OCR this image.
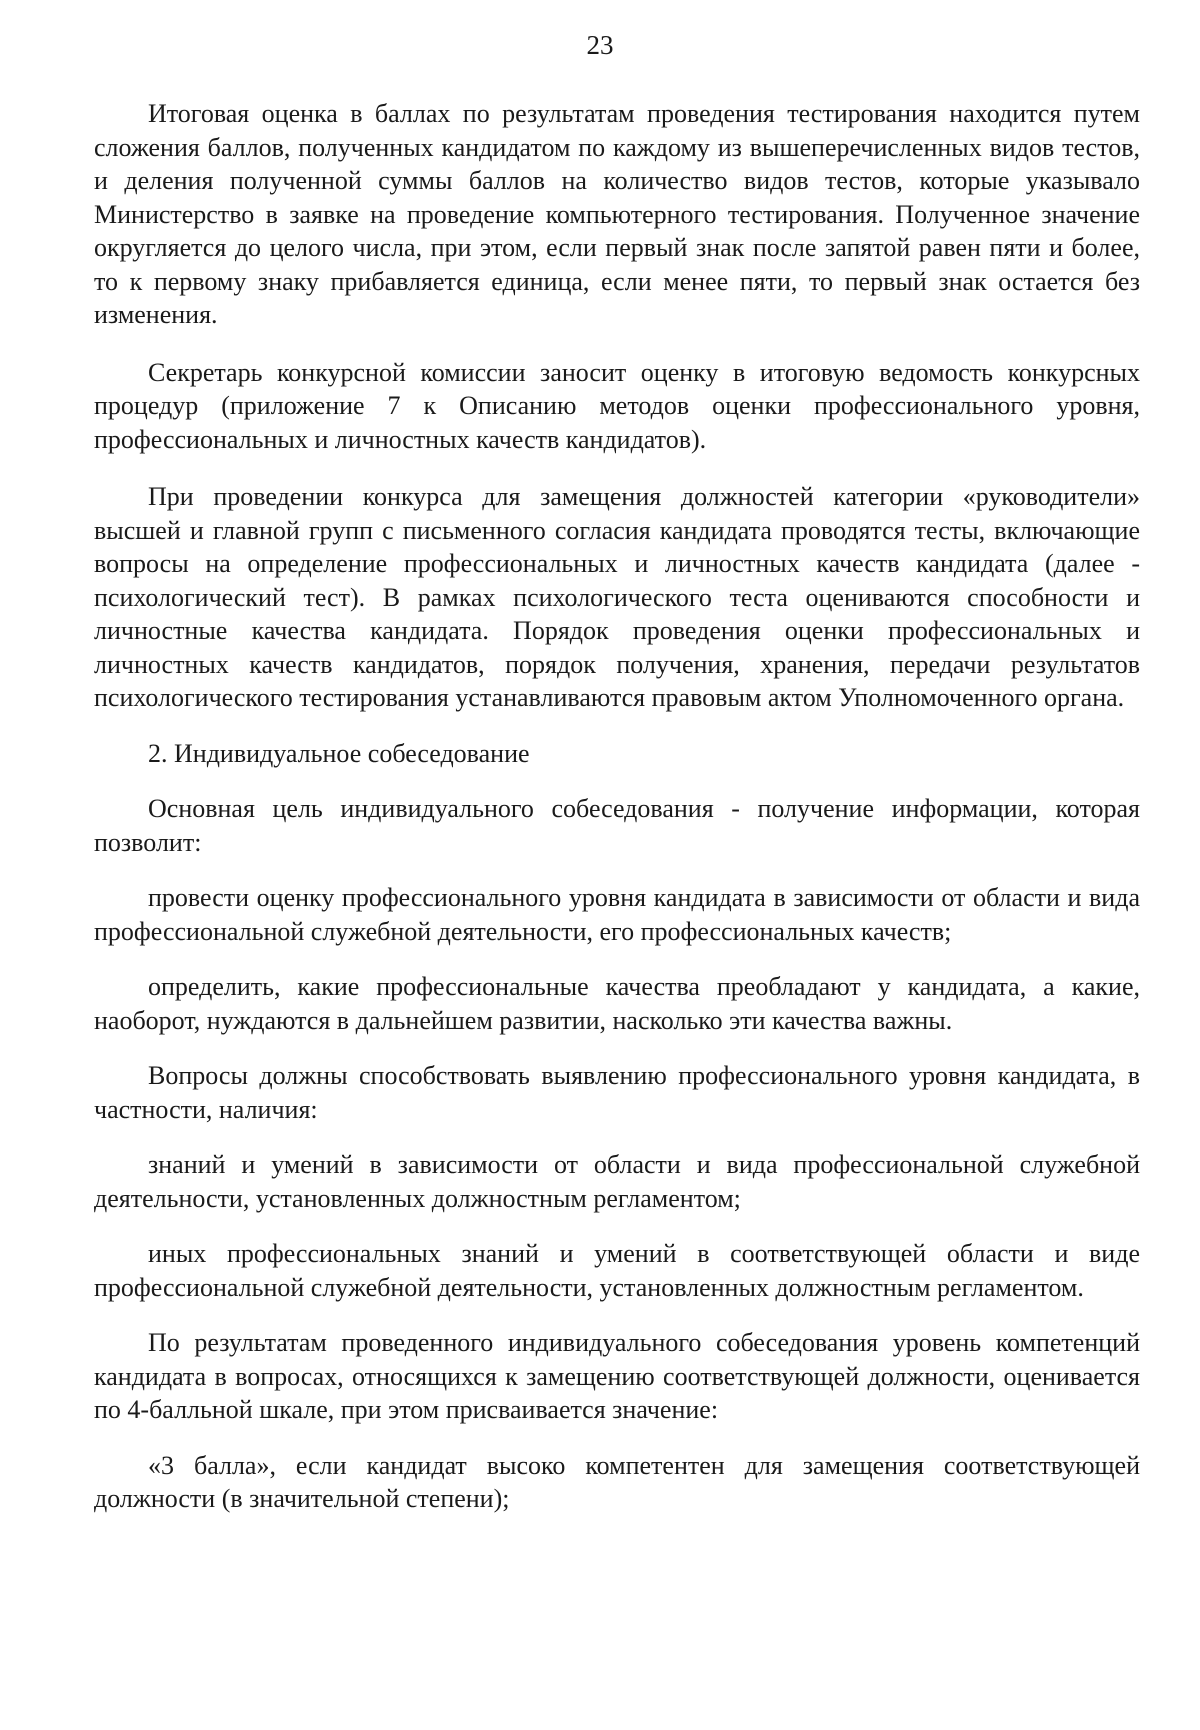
23

Итоговая оценка в баллах по результатам проведения тестирования находится путем сложения баллов, полученных кандидатом по каждому из вышеперечисленных видов тестов, и деления полученной суммы баллов на количество видов тестов, которые указывало Министерство в заявке на проведение компьютерного тестирования. Полученное значение округляется до целого числа, при этом, если первый знак после запятой равен пяти и более, то к первому знаку прибавляется единица, если менее пяти, то первый знак остается без изменения.

Секретарь конкурсной комиссии заносит оценку в итоговую ведомость конкурсных процедур (приложение 7 к Описанию методов оценки профессионального уровня, профессиональных и личностных качеств кандидатов).

При проведении конкурса для замещения должностей категории «руководители» высшей и главной групп с письменного согласия кандидата проводятся тесты, включающие вопросы на определение профессиональных и личностных качеств кандидата (далее - психологический тест). В рамках психологического теста оцениваются способности и личностные качества кандидата. Порядок проведения оценки профессиональных и личностных качеств кандидатов, порядок получения, хранения, передачи результатов психологического тестирования устанавливаются правовым актом Уполномоченного органа.

2. Индивидуальное собеседование

Основная цель индивидуального собеседования - получение информации, которая позволит:

провести оценку профессионального уровня кандидата в зависимости от области и вида профессиональной служебной деятельности, его профессиональных качеств;

определить, какие профессиональные качества преобладают у кандидата, а какие, наоборот, нуждаются в дальнейшем развитии, насколько эти качества важны.

Вопросы должны способствовать выявлению профессионального уровня кандидата, в частности, наличия:

знаний и умений в зависимости от области и вида профессиональной служебной деятельности, установленных должностным регламентом;

иных профессиональных знаний и умений в соответствующей области и виде профессиональной служебной деятельности, установленных должностным регламентом.

По результатам проведенного индивидуального собеседования уровень компетенций кандидата в вопросах, относящихся к замещению соответствующей должности, оценивается по 4-балльной шкале, при этом присваивается значение:

«3 балла», если кандидат высоко компетентен для замещения соответствующей должности (в значительной степени);
